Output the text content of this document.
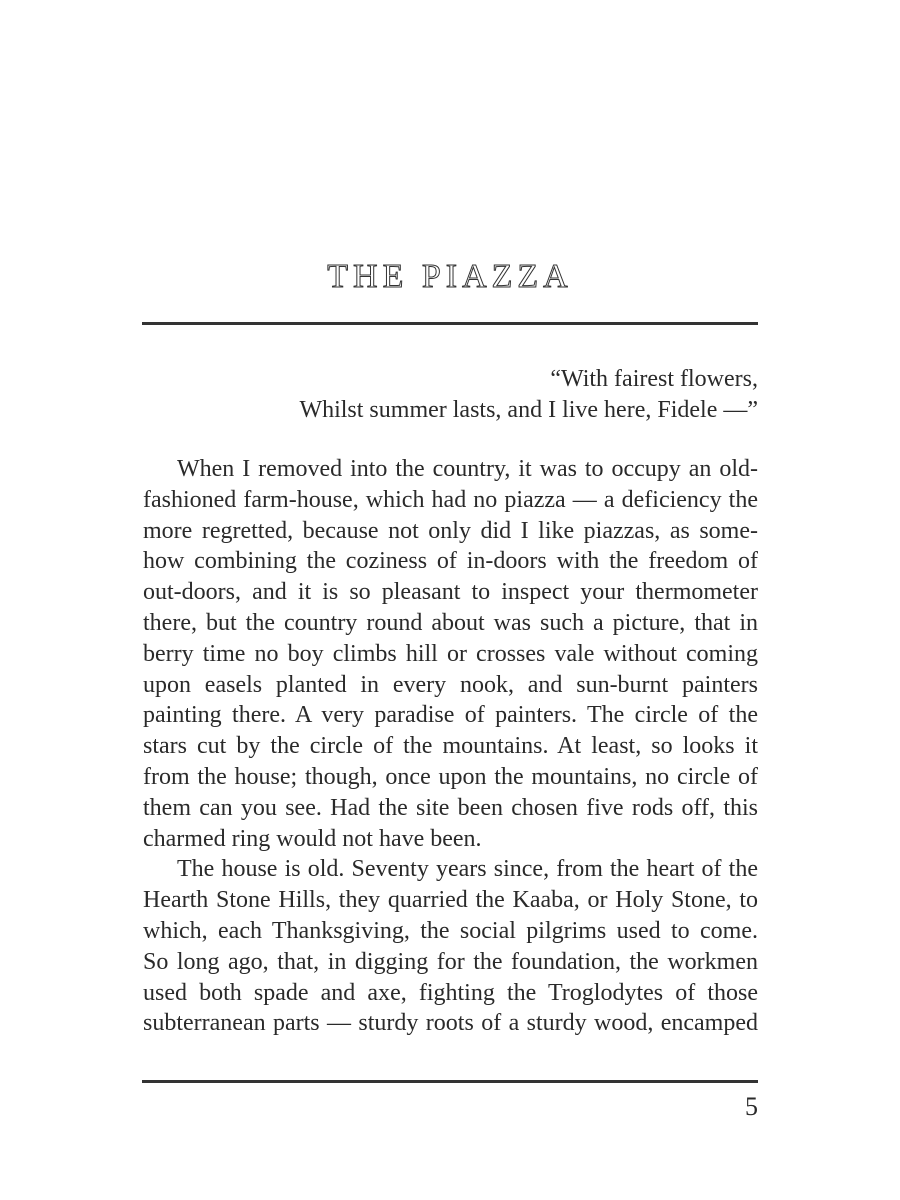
THE PIAZZA
“With fairest flowers,
Whilst summer lasts, and I live here, Fidele —”
When I removed into the country, it was to occupy an old-
fashioned farm-house, which had no piazza — a deficiency the
more regretted, because not only did I like piazzas, as some-
how combining the coziness of in-doors with the freedom of
out-doors, and it is so pleasant to inspect your thermometer
there, but the country round about was such a picture, that in
berry time no boy climbs hill or crosses vale without coming
upon easels planted in every nook, and sun-burnt painters
painting there. A very paradise of painters. The circle of the
stars cut by the circle of the mountains. At least, so looks it
from the house; though, once upon the mountains, no circle of
them can you see. Had the site been chosen five rods off, this
charmed ring would not have been.
The house is old. Seventy years since, from the heart of the
Hearth Stone Hills, they quarried the Kaaba, or Holy Stone, to
which, each Thanksgiving, the social pilgrims used to come.
So long ago, that, in digging for the foundation, the workmen
used both spade and axe, fighting the Troglodytes of those
subterranean parts — sturdy roots of a sturdy wood, encamped
5
